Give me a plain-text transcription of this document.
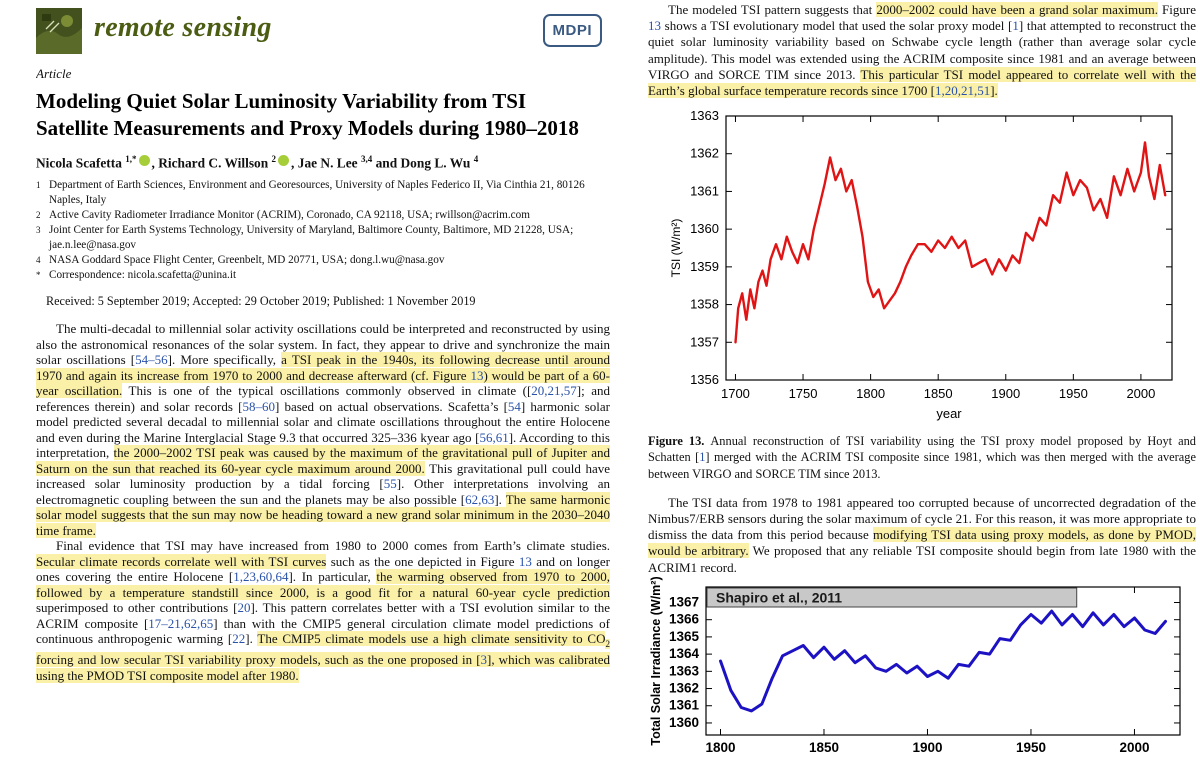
remote sensing	MDPI
Article
Modeling Quiet Solar Luminosity Variability from TSI Satellite Measurements and Proxy Models during 1980–2018
Nicola Scafetta $^{1,*}$ , Richard C. Willson $^2$ , Jae N. Lee $^{3,4}$ and Dong L. Wu $^4$
1 Department of Earth Sciences, Environment and Georesources, University of Naples Federico II, Via Cinthia 21, 80126 Naples, Italy
2 Active Cavity Radiometer Irradiance Monitor (ACRIM), Coronado, CA 92118, USA; rwillson@acrim.com
3 Joint Center for Earth Systems Technology, University of Maryland, Baltimore County, Baltimore, MD 21228, USA; jae.n.lee@nasa.gov
4 NASA Goddard Space Flight Center, Greenbelt, MD 20771, USA; dong.l.wu@nasa.gov
* Correspondence: nicola.scafetta@unina.it
Received: 5 September 2019; Accepted: 29 October 2019; Published: 1 November 2019

The multi-decadal to millennial solar activity oscillations could be interpreted and reconstructed by using also the astronomical resonances of the solar system. In fact, they appear to drive and synchronize the main solar oscillations [54–56]. More specifically, a TSI peak in the 1940s, its following decrease until around 1970 and again its increase from 1970 to 2000 and decrease afterward (cf. Figure 13) would be part of a 60-year oscillation. This is one of the typical oscillations commonly observed in climate ([20,21,57]; and references therein) and solar records [58–60] based on actual observations. Scafetta’s [54] harmonic solar model predicted several decadal to millennial solar and climate oscillations throughout the entire Holocene and even during the Marine Interglacial Stage 9.3 that occurred 325–336 kyear ago [56,61]. According to this interpretation, the 2000–2002 TSI peak was caused by the maximum of the gravitational pull of Jupiter and Saturn on the sun that reached its 60-year cycle maximum around 2000. This gravitational pull could have increased solar luminosity production by a tidal forcing [55]. Other interpretations involving an electromagnetic coupling between the sun and the planets may be also possible [62,63]. The same harmonic solar model suggests that the sun may now be heading toward a new grand solar minimum in the 2030–2040 time frame.

Final evidence that TSI may have increased from 1980 to 2000 comes from Earth’s climate studies. Secular climate records correlate well with TSI curves such as the one depicted in Figure 13 and on longer ones covering the entire Holocene [1,23,60,64]. In particular, the warming observed from 1970 to 2000, followed by a temperature standstill since 2000, is a good fit for a natural 60-year cycle prediction superimposed to other contributions [20]. This pattern correlates better with a TSI evolution similar to the ACRIM composite [17–21,62,65] than with the CMIP5 general circulation climate model predictions of continuous anthropogenic warming [22]. The CMIP5 climate models use a high climate sensitivity to $CO_2$ forcing and low secular TSI variability proxy models, such as the one proposed in [3], which was calibrated using the PMOD TSI composite model after 1980.

The modeled TSI pattern suggests that 2000–2002 could have been a grand solar maximum. Figure 13 shows a TSI evolutionary model that used the solar proxy model [1] that attempted to reconstruct the quiet solar luminosity variability based on Schwabe cycle length (rather than average solar cycle amplitude). This model was extended using the ACRIM composite since 1981 and an average between VIRGO and SORCE TIM since 2013. This particular TSI model appeared to correlate well with the Earth’s global surface temperature records since 1700 [1,20,21,51].

1700	1750	1800	1850	1900	1950	2000
1356
1357
1358
1359
1360
1361
1362
1363
TSI (W/m²)
year

Figure 13. Annual reconstruction of TSI variability using the TSI proxy model proposed by Hoyt and Schatten [1] merged with the ACRIM TSI composite since 1981, which was then merged with the average between VIRGO and SORCE TIM since 2013.

The TSI data from 1978 to 1981 appeared too corrupted because of uncorrected degradation of the Nimbus7/ERB sensors during the solar maximum of cycle 21. For this reason, it was more appropriate to dismiss the data from this period because modifying TSI data using proxy models, as done by PMOD, would be arbitrary. We proposed that any reliable TSI composite should begin from late 1980 with the ACRIM1 record.

1800	1850	1900	1950	2000
1360
1361
1362
1363
1364
1365
1366
1367
Total Solar Irradiance (W/m²)	Shapiro et al., 2011
